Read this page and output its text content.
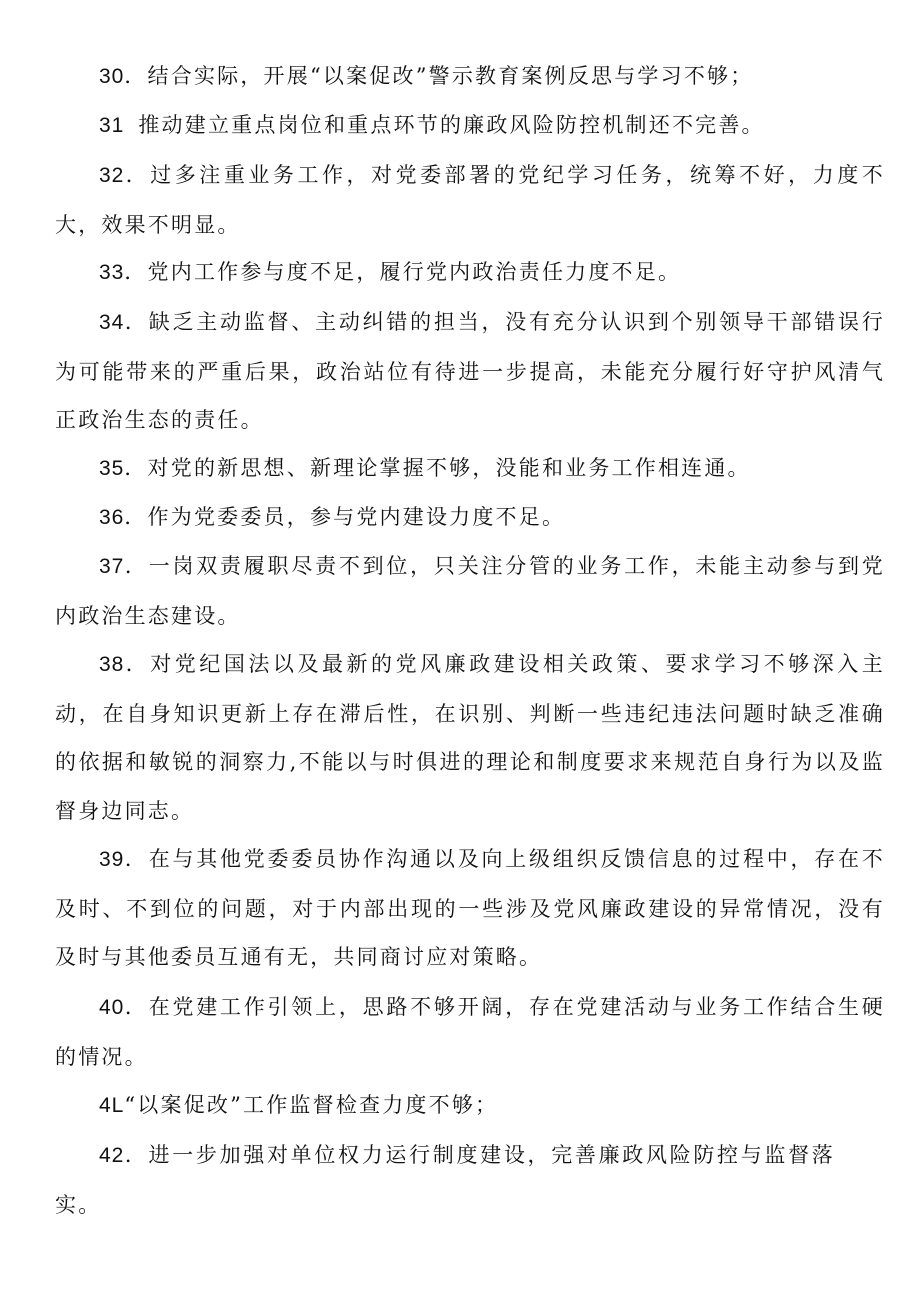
30．结合实际，开展“以案促改”警示教育案例反思与学习不够；

31 推动建立重点岗位和重点环节的廉政风险防控机制还不完善。

32．过多注重业务工作，对党委部署的党纪学习任务，统筹不好，力度不大，效果不明显。

33．党内工作参与度不足，履行党内政治责任力度不足。

34．缺乏主动监督、主动纠错的担当，没有充分认识到个别领导干部错误行为可能带来的严重后果，政治站位有待进一步提高，未能充分履行好守护风清气正政治生态的责任。

35．对党的新思想、新理论掌握不够，没能和业务工作相连通。

36．作为党委委员，参与党内建设力度不足。

37．一岗双责履职尽责不到位，只关注分管的业务工作，未能主动参与到党内政治生态建设。

38．对党纪国法以及最新的党风廉政建设相关政策、要求学习不够深入主动，在自身知识更新上存在滞后性，在识别、判断一些违纪违法问题时缺乏准确的依据和敏锐的洞察力,不能以与时俱进的理论和制度要求来规范自身行为以及监督身边同志。

39．在与其他党委委员协作沟通以及向上级组织反馈信息的过程中，存在不及时、不到位的问题，对于内部出现的一些涉及党风廉政建设的异常情况，没有及时与其他委员互通有无，共同商讨应对策略。

40．在党建工作引领上，思路不够开阔，存在党建活动与业务工作结合生硬的情况。

4L“以案促改”工作监督检查力度不够；

42．进一步加强对单位权力运行制度建设，完善廉政风险防控与监督落实。
